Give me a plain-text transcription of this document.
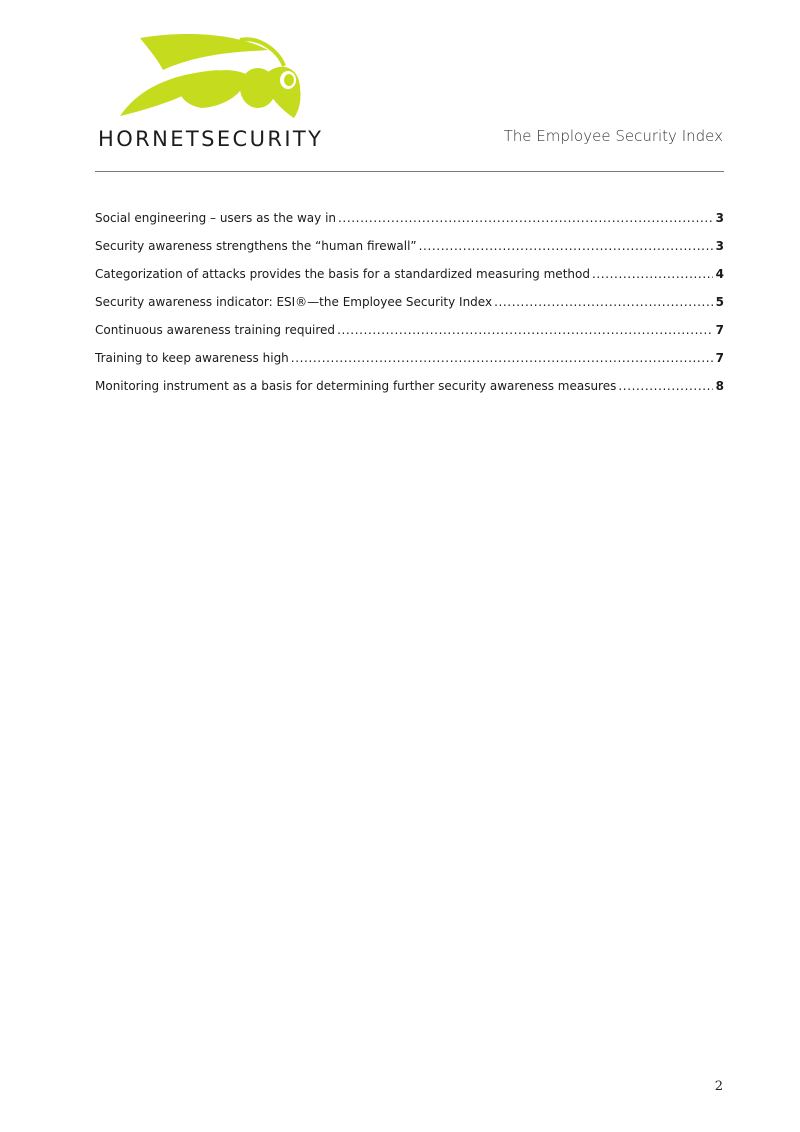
HORNETSECURITY	The Employee Security Index
Social engineering – users as the way in .....	3
Security awareness strengthens the “human firewall” .....	3
Categorization of attacks provides the basis for a standardized measuring method .....	4
Security awareness indicator: ESI®—the Employee Security Index .....	5
Continuous awareness training required .....	7
Training to keep awareness high .....	7
Monitoring instrument as a basis for determining further security awareness measures .....	8
2
